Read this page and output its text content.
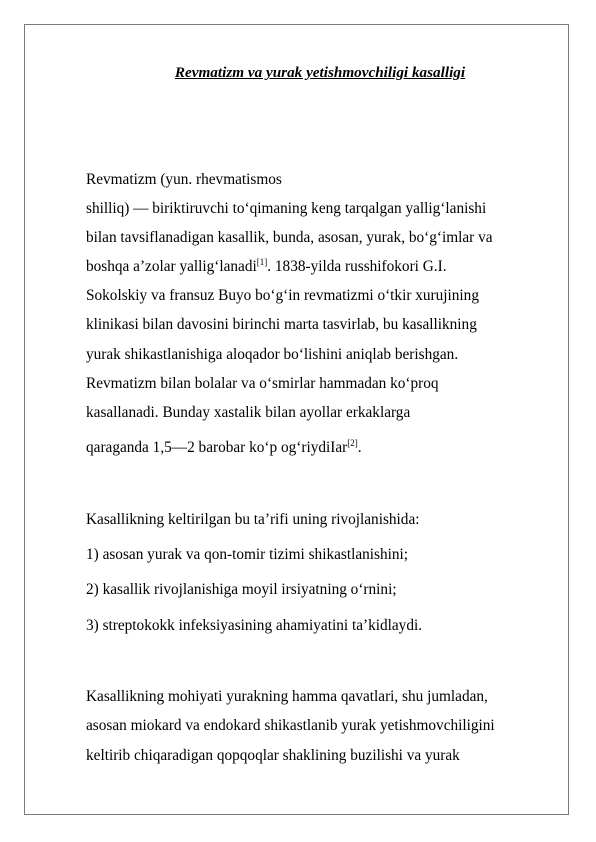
Revmatizm va yurak yetishmovchiligi kasalligi
Revmatizm (yun. rhevmatismos
shilliq) — biriktiruvchi to‘qimaning keng tarqalgan yallig‘lanishi
bilan tavsiflanadigan kasallik, bunda, asosan, yurak, bo‘g‘imlar va
boshqa a’zolar yallig‘lanadi[1]. 1838-yilda russhifokori G.I.
Sokolskiy va fransuz Buyo bo‘g‘in revmatizmi o‘tkir xurujining
klinikasi bilan davosini birinchi marta tasvirlab, bu kasallikning
yurak shikastlanishiga aloqador bo‘lishini aniqlab berishgan.
Revmatizm bilan bolalar va o‘smirlar hammadan ko‘proq
kasallanadi. Bunday xastalik bilan ayollar erkaklarga
qaraganda 1,5—2 barobar ko‘p og‘riydiIar[2].
Kasallikning keltirilgan bu ta’rifi uning rivojlanishida:
1) asosan yurak va qon-tomir tizimi shikastlanishini;
2) kasallik rivojlanishiga moyil irsiyatning o‘rnini;
3) streptokokk infeksiyasining ahamiyatini ta’kidlaydi.
Kasallikning mohiyati yurakning hamma qavatlari, shu jumladan,
asosan miokard va endokard shikastlanib yurak yetishmovchiligini
keltirib chiqaradigan qopqoqlar shaklining buzilishi va yurak
